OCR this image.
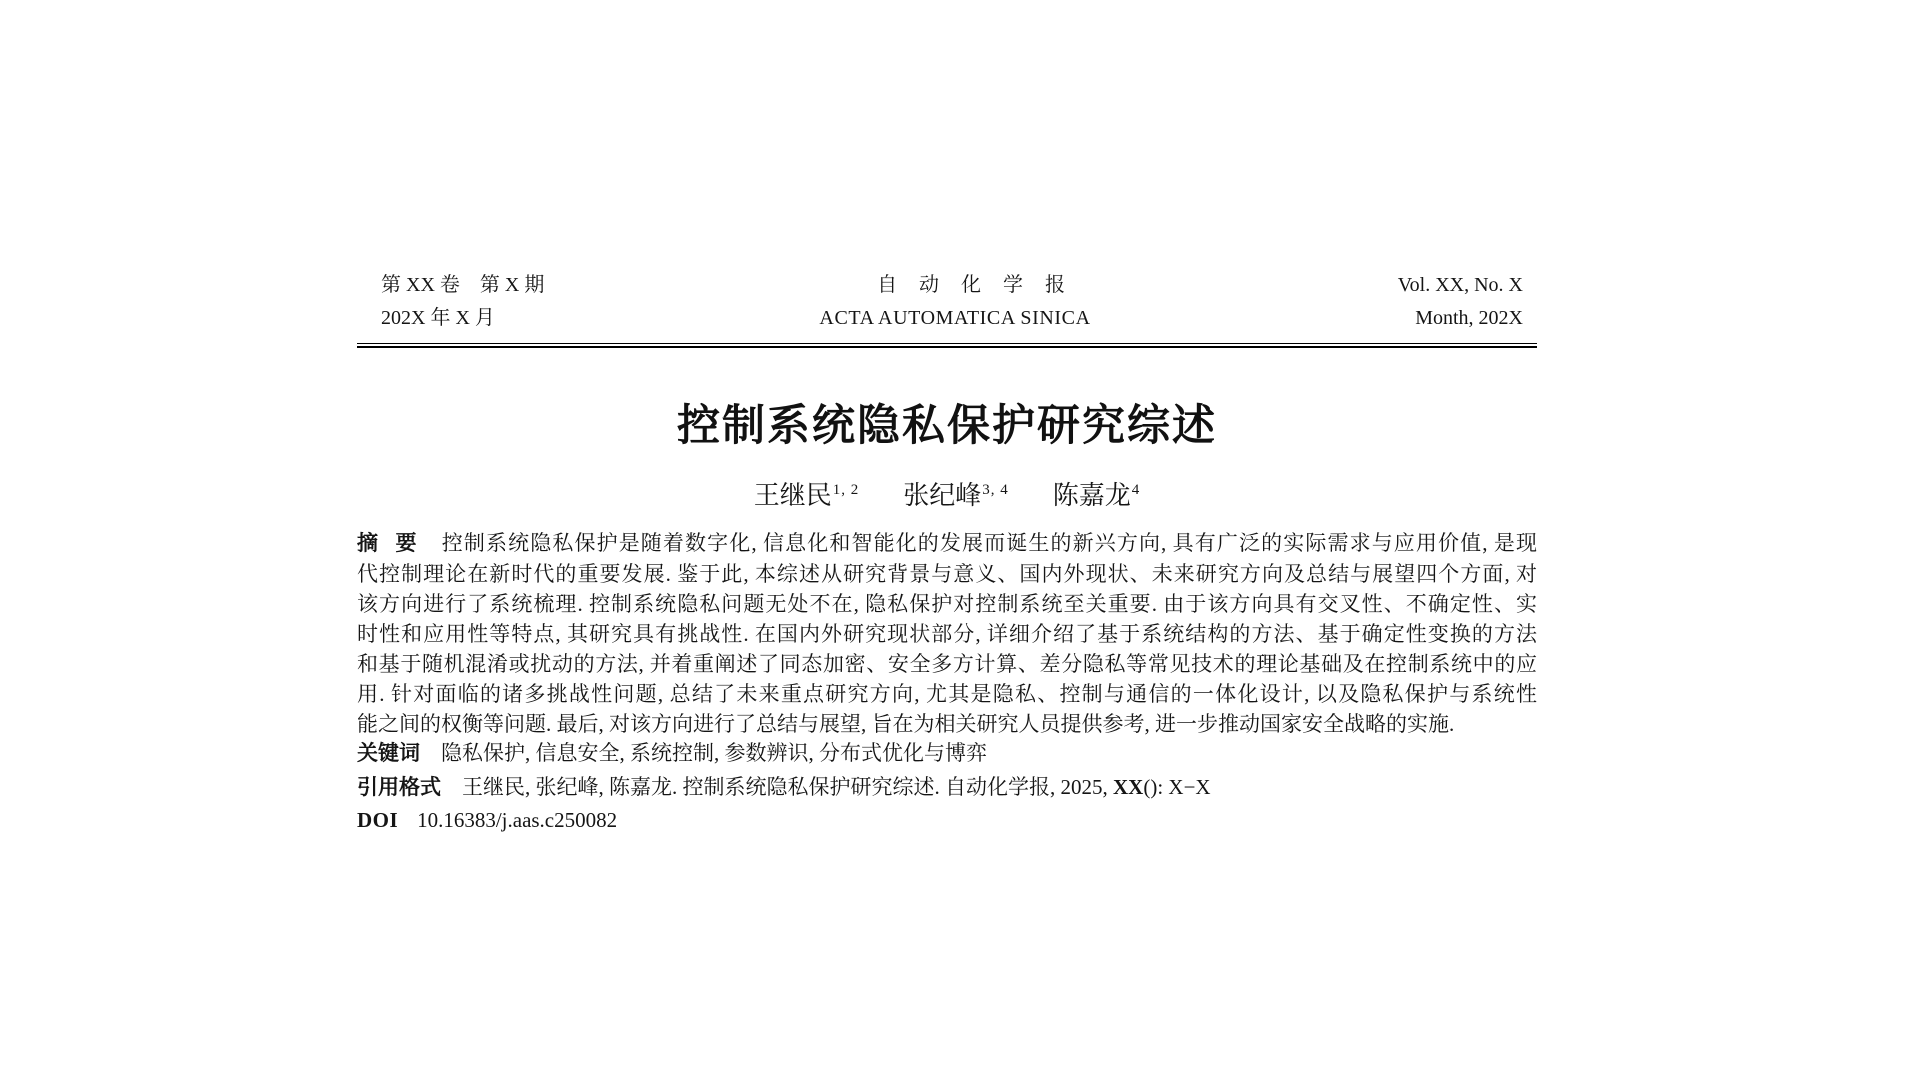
第 XX 卷　第 X 期	自 动 化 学 报	Vol. XX, No. X
202X 年 X 月	ACTA AUTOMATICA SINICA	Month, 202X
控制系统隐私保护研究综述
王继民$^{1, 2}$ 张纪峰$^{3, 4}$ 陈嘉龙$^4$
摘 要 控制系统隐私保护是随着数字化, 信息化和智能化的发展而诞生的新兴方向, 具有广泛的实际需求与应用价值, 是现
代控制理论在新时代的重要发展. 鉴于此, 本综述从研究背景与意义、国内外现状、未来研究方向及总结与展望四个方面, 对
该方向进行了系统梳理. 控制系统隐私问题无处不在, 隐私保护对控制系统至关重要. 由于该方向具有交叉性、不确定性、实
时性和应用性等特点, 其研究具有挑战性. 在国内外研究现状部分, 详细介绍了基于系统结构的方法、基于确定性变换的方法
和基于随机混淆或扰动的方法, 并着重阐述了同态加密、安全多方计算、差分隐私等常见技术的理论基础及在控制系统中的应
用. 针对面临的诸多挑战性问题, 总结了未来重点研究方向, 尤其是隐私、控制与通信的一体化设计, 以及隐私保护与系统性
能之间的权衡等问题. 最后, 对该方向进行了总结与展望, 旨在为相关研究人员提供参考, 进一步推动国家安全战略的实施.
关键词 隐私保护, 信息安全, 系统控制, 参数辨识, 分布式优化与博弈
引用格式 王继民, 张纪峰, 陈嘉龙. 控制系统隐私保护研究综述. 自动化学报, 2025, XX(): X−X
DOI 10.16383/j.aas.c250082
